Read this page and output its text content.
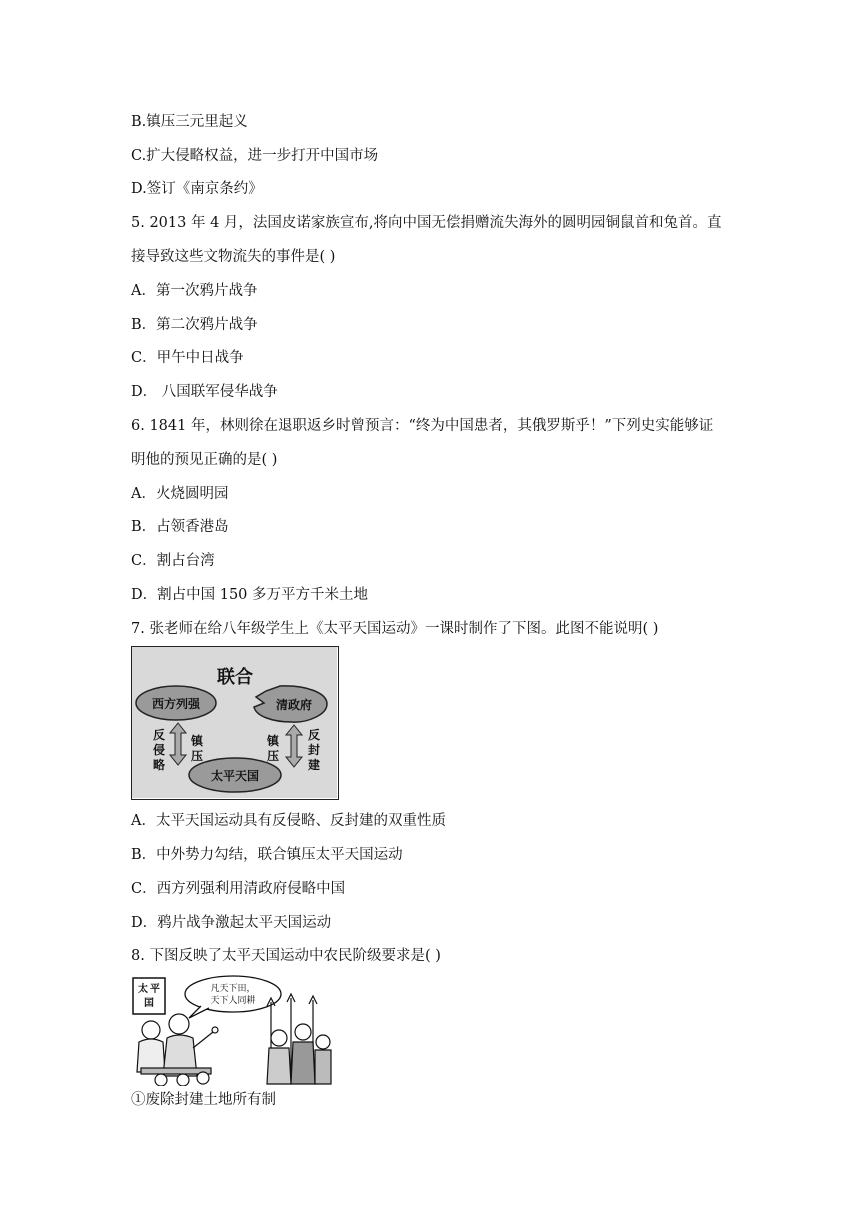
B.镇压三元里起义
C.扩大侵略权益，进一步打开中国市场
D.签订《南京条约》
5. 2013 年 4 月，法国皮诺家族宣布,将向中国无偿捐赠流失海外的圆明园铜鼠首和兔首。直
接导致这些文物流失的事件是( )
A．第一次鸦片战争
B．第二次鸦片战争
C．甲午中日战争
D． 八国联军侵华战争
6. 1841 年，林则徐在退职返乡时曾预言：“终为中国患者，其俄罗斯乎！”下列史实能够证
明他的预见正确的是( )
A．火烧圆明园
B．占领香港岛
C．割占台湾
D．割占中国 150 多万平方千米土地
7. 张老师在给八年级学生上《太平天国运动》一课时制作了下图。此图不能说明( )
联合
西方列强	清政府
太平天国
反侵略
镇压
镇压
反封建
A．太平天国运动具有反侵略、反封建的双重性质
B．中外势力勾结，联合镇压太平天国运动
C．西方列强利用清政府侵略中国
D．鸦片战争激起太平天国运动
8. 下图反映了太平天国运动中农民阶级要求是( )
太 平囯
凡天下田，
天下人同耕
①废除封建土地所有制
